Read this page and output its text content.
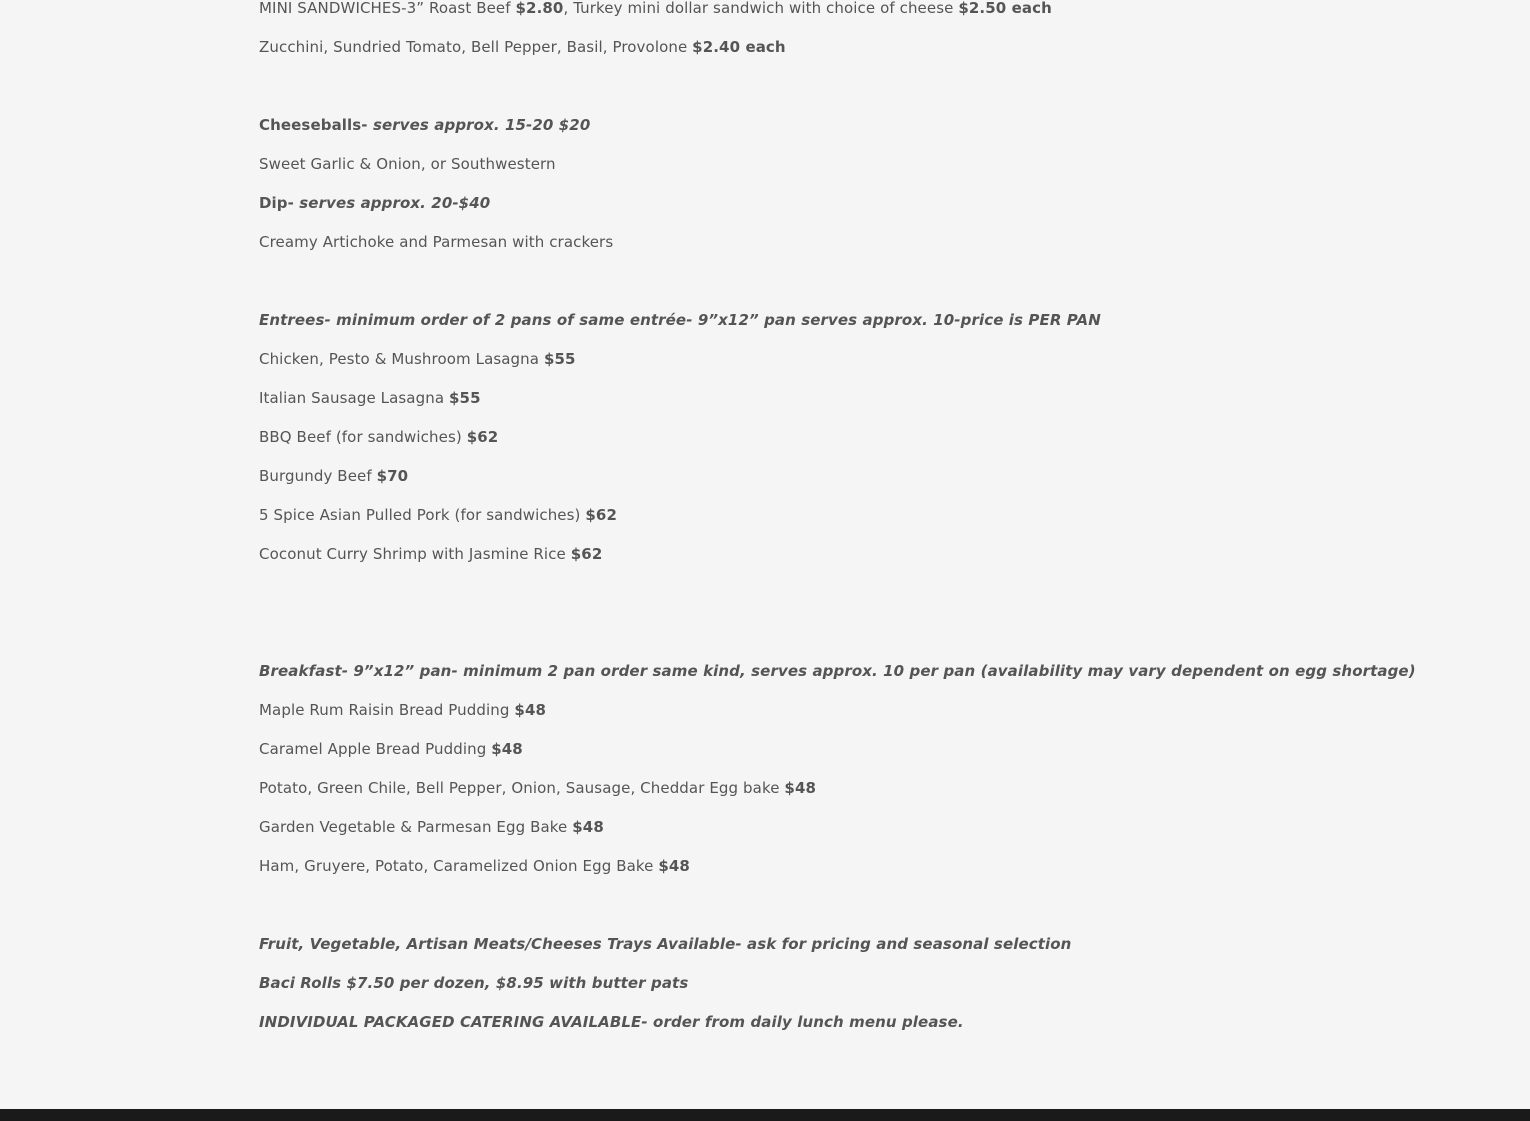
MINI SANDWICHES-3” Roast Beef $2.80, Turkey mini dollar sandwich with choice of cheese $2.50 each
Zucchini, Sundried Tomato, Bell Pepper, Basil, Provolone $2.40 each
Cheeseballs- serves approx. 15-20 $20
Sweet Garlic & Onion, or Southwestern
Dip- serves approx. 20-$40
Creamy Artichoke and Parmesan with crackers
Entrees- minimum order of 2 pans of same entrée- 9”x12” pan serves approx. 10-price is PER PAN
Chicken, Pesto & Mushroom Lasagna $55
Italian Sausage Lasagna $55
BBQ Beef (for sandwiches) $62
Burgundy Beef $70
5 Spice Asian Pulled Pork (for sandwiches) $62
Coconut Curry Shrimp with Jasmine Rice $62
Breakfast- 9”x12” pan- minimum 2 pan order same kind, serves approx. 10 per pan (availability may vary dependent on egg shortage)
Maple Rum Raisin Bread Pudding $48
Caramel Apple Bread Pudding $48
Potato, Green Chile, Bell Pepper, Onion, Sausage, Cheddar Egg bake $48
Garden Vegetable & Parmesan Egg Bake $48
Ham, Gruyere, Potato, Caramelized Onion Egg Bake $48
Fruit, Vegetable, Artisan Meats/Cheeses Trays Available- ask for pricing and seasonal selection
Baci Rolls $7.50 per dozen, $8.95 with butter pats
INDIVIDUAL PACKAGED CATERING AVAILABLE- order from daily lunch menu please.
